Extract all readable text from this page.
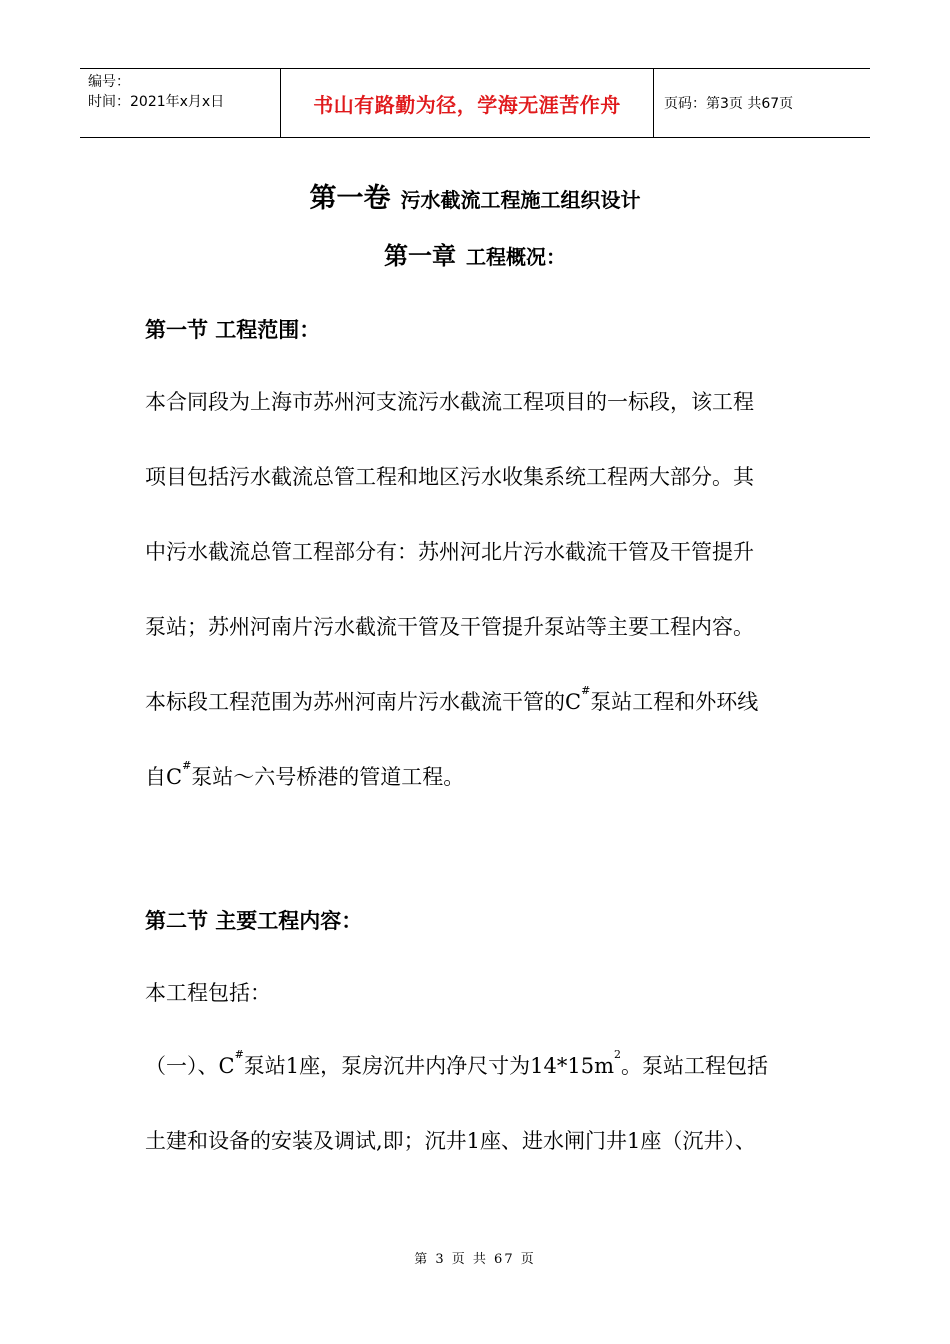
编号：
时间：2021年x月x日	书山有路勤为径，学海无涯苦作舟	页码：第3页 共67页
第一卷 污水截流工程施工组织设计
第一章 工程概况：
第一节 工程范围：
本合同段为上海市苏州河支流污水截流工程项目的一标段，该工程
项目包括污水截流总管工程和地区污水收集系统工程两大部分。其
中污水截流总管工程部分有：苏州河北片污水截流干管及干管提升
泵站；苏州河南片污水截流干管及干管提升泵站等主要工程内容。
本标段工程范围为苏州河南片污水截流干管的C#泵站工程和外环线
自C#泵站～六号桥港的管道工程。
第二节 主要工程内容：
本工程包括：
（一）、C#泵站1座，泵房沉井内净尺寸为$14*15m^2$。泵站工程包括
土建和设备的安装及调试,即；沉井1座、进水闸门井1座（沉井）、
第 3 页 共 67 页
